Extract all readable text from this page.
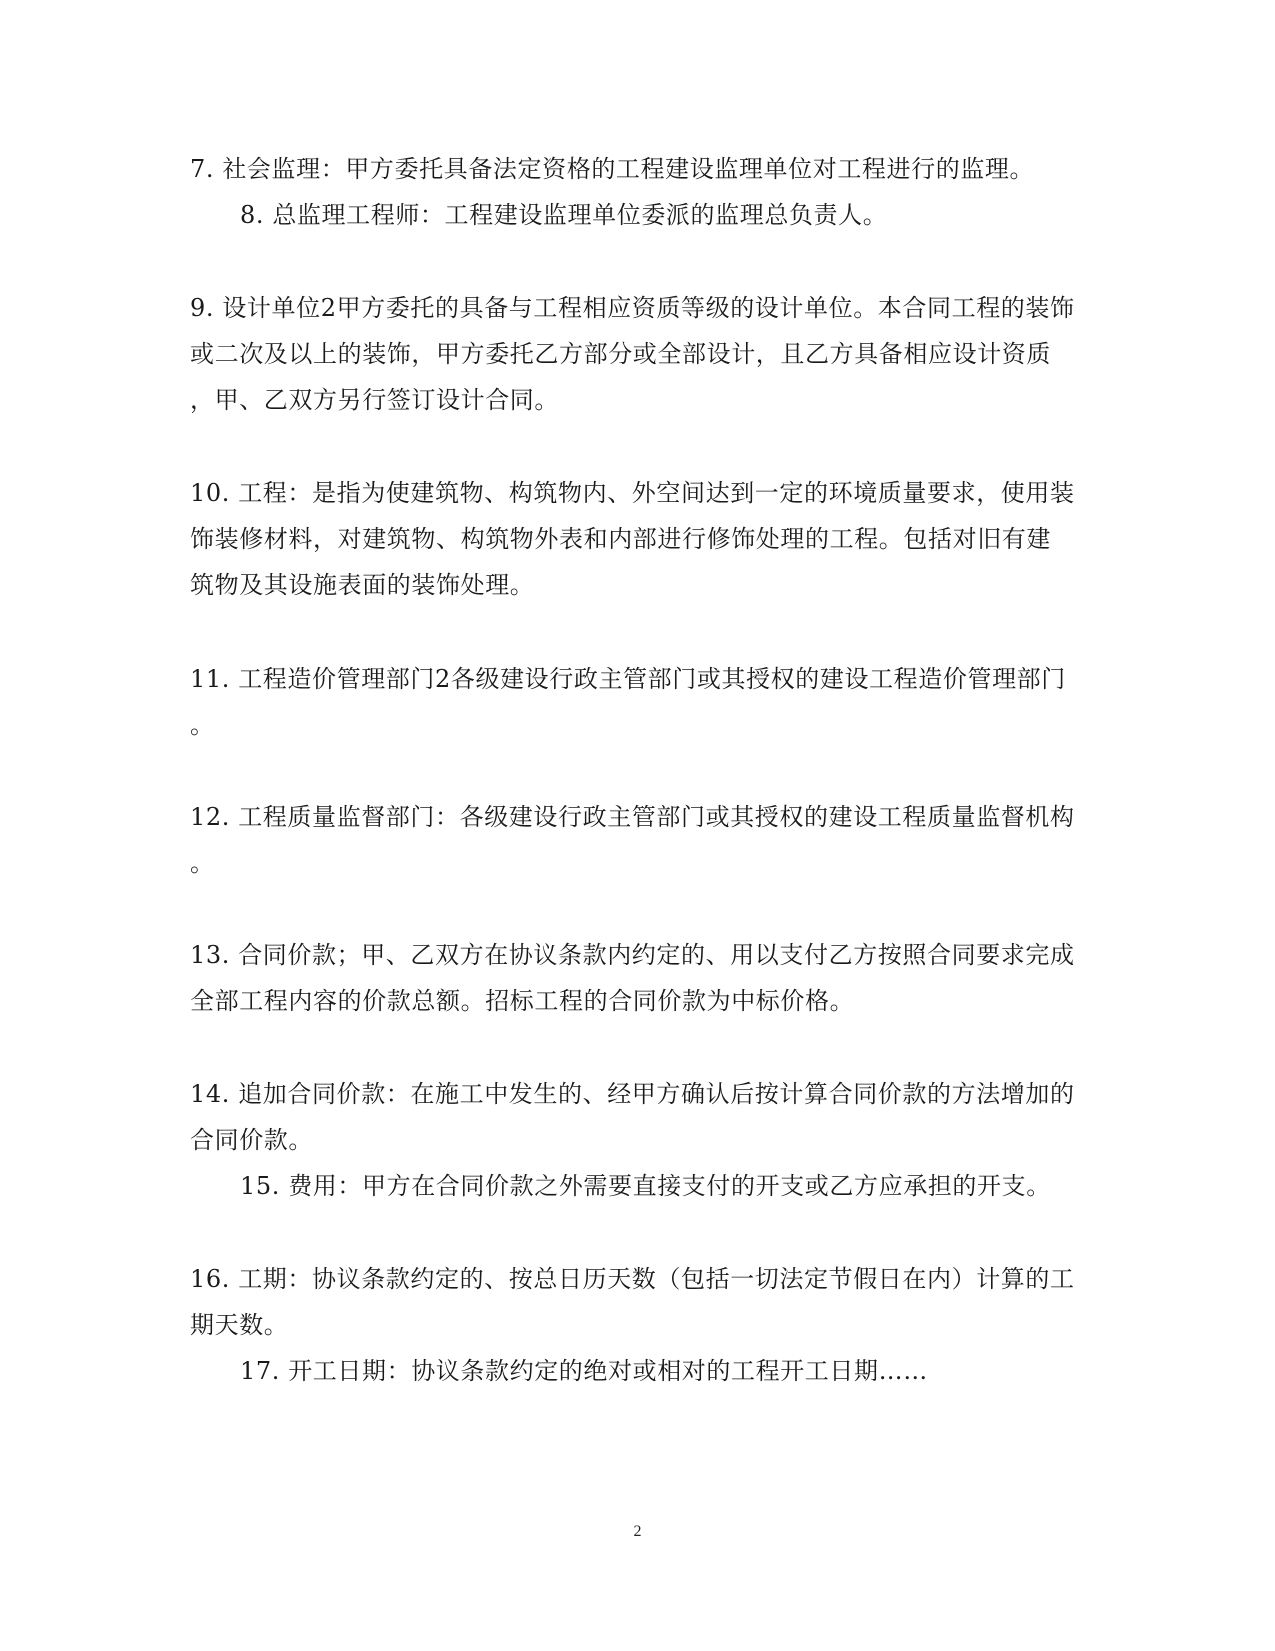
7. 社会监理：甲方委托具备法定资格的工程建设监理单位对工程进行的监理。
8. 总监理工程师：工程建设监理单位委派的监理总负责人。
9. 设计单位2甲方委托的具备与工程相应资质等级的设计单位。本合同工程的装饰
或二次及以上的装饰，甲方委托乙方部分或全部设计，且乙方具备相应设计资质
，甲、乙双方另行签订设计合同。
10. 工程：是指为使建筑物、构筑物内、外空间达到一定的环境质量要求，使用装
饰装修材料，对建筑物、构筑物外表和内部进行修饰处理的工程。包括对旧有建
筑物及其设施表面的装饰处理。
11. 工程造价管理部门2各级建设行政主管部门或其授权的建设工程造价管理部门
。
12. 工程质量监督部门：各级建设行政主管部门或其授权的建设工程质量监督机构
。
13. 合同价款；甲、乙双方在协议条款内约定的、用以支付乙方按照合同要求完成
全部工程内容的价款总额。招标工程的合同价款为中标价格。
14. 追加合同价款：在施工中发生的、经甲方确认后按计算合同价款的方法增加的
合同价款。
15. 费用：甲方在合同价款之外需要直接支付的开支或乙方应承担的开支。
16. 工期：协议条款约定的、按总日历天数（包括一切法定节假日在内）计算的工
期天数。
17. 开工日期：协议条款约定的绝对或相对的工程开工日期……
2
